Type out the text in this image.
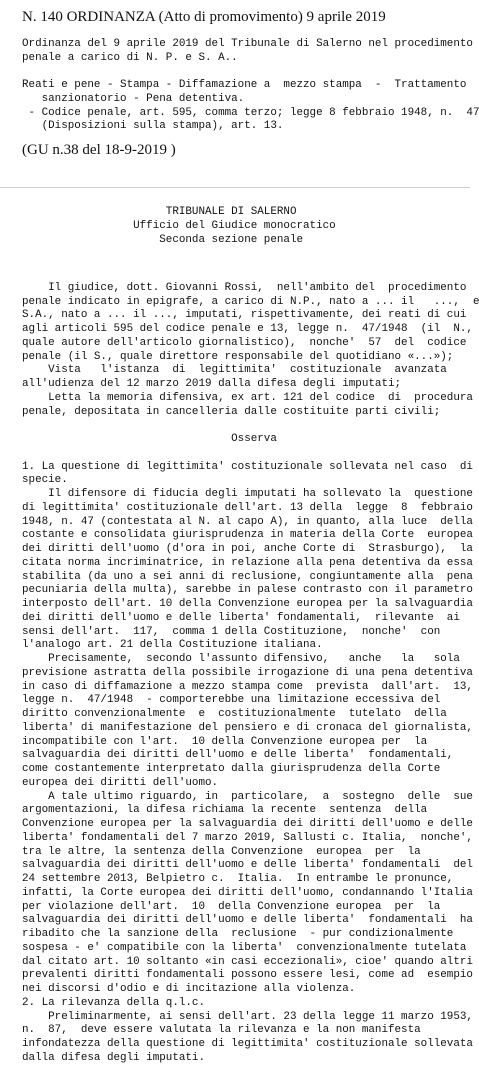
N. 140 ORDINANZA (Atto di promovimento) 9 aprile 2019
Ordinanza del 9 aprile 2019 del Tribunale di Salerno nel procedimento
penale a carico di N. P. e S. A..
Reati e pene - Stampa - Diffamazione a  mezzo stampa  -  Trattamento
sanzionatorio - Pena detentiva.
- Codice penale, art. 595, comma terzo; legge 8 febbraio 1948, n.  47
(Disposizioni sulla stampa), art. 13.
(GU n.38 del 18-9-2019 )
TRIBUNALE DI SALERNO
Ufficio del Giudice monocratico
Seconda sezione penale

Il giudice, dott. Giovanni Rossi,  nell'ambito del  procedimento
penale indicato in epigrafe, a carico di N.P., nato a ... il   ...,  e
S.A., nato a ... il ..., imputati, rispettivamente, dei reati di cui
agli articoli 595 del codice penale e 13, legge n.  47/1948  (il  N.,
quale autore dell'articolo giornalistico),  nonche'  57  del  codice
penale (il S., quale direttore responsabile del quotidiano «...»);
Vista   l'istanza  di  legittimita'  costituzionale  avanzata
all'udienza del 12 marzo 2019 dalla difesa degli imputati;
Letta la memoria difensiva, ex art. 121 del codice  di  procedura
penale, depositata in cancelleria dalle costituite parti civili;

Osserva

1. La questione di legittimita' costituzionale sollevata nel caso  di
specie.
Il difensore di fiducia degli imputati ha sollevato la  questione
di legittimita' costituzionale dell'art. 13 della  legge  8  febbraio
1948, n. 47 (contestata al N. al capo A), in quanto, alla luce  della
costante e consolidata giurisprudenza in materia della Corte  europea
dei diritti dell'uomo (d'ora in poi, anche Corte di  Strasburgo),  la
citata norma incriminatrice, in relazione alla pena detentiva da essa
stabilita (da uno a sei anni di reclusione, congiuntamente alla  pena
pecuniaria della multa), sarebbe in palese contrasto con il parametro
interposto dell'art. 10 della Convenzione europea per la salvaguardia
dei diritti dell'uomo e delle liberta' fondamentali,  rilevante  ai
sensi dell'art.  117,  comma 1 della Costituzione,  nonche'  con
l'analogo art. 21 della Costituzione italiana.
Precisamente,  secondo l'assunto difensivo,   anche   la   sola
previsione astratta della possibile irrogazione di una pena detentiva
in caso di diffamazione a mezzo stampa come  prevista  dall'art.  13,
legge n.  47/1948  - comporterebbe una limitazione eccessiva del
diritto convenzionalmente  e  costituzionalmente  tutelato  della
liberta' di manifestazione del pensiero e di cronaca del giornalista,
incompatibile con l'art.  10 della Convenzione europea per  la
salvaguardia dei diritti dell'uomo e delle liberta'  fondamentali,
come costantemente interpretato dalla giurisprudenza della Corte
europea dei diritti dell'uomo.
A tale ultimo riguardo, in  particolare,  a  sostegno  delle  sue
argomentazioni, la difesa richiama la recente  sentenza  della
Convenzione europea per la salvaguardia dei diritti dell'uomo e delle
liberta' fondamentali del 7 marzo 2019, Sallusti c. Italia,  nonche',
tra le altre, la sentenza della Convenzione  europea  per  la
salvaguardia dei diritti dell'uomo e delle liberta' fondamentali  del
24 settembre 2013, Belpietro c.  Italia.  In entrambe le pronunce,
infatti, la Corte europea dei diritti dell'uomo, condannando l'Italia
per violazione dell'art.  10  della Convenzione europea  per  la
salvaguardia dei diritti dell'uomo e delle liberta'  fondamentali  ha
ribadito che la sanzione della  reclusione  - pur condizionalmente
sospesa - e' compatibile con la liberta'  convenzionalmente tutelata
dal citato art. 10 soltanto «in casi eccezionali», cioe' quando altri
prevalenti diritti fondamentali possono essere lesi, come ad  esempio
nei discorsi d'odio e di incitazione alla violenza.
2. La rilevanza della q.l.c.
Preliminarmente, ai sensi dell'art. 23 della legge 11 marzo 1953,
n.  87,  deve essere valutata la rilevanza e la non manifesta
infondatezza della questione di legittimita' costituzionale sollevata
dalla difesa degli imputati.
